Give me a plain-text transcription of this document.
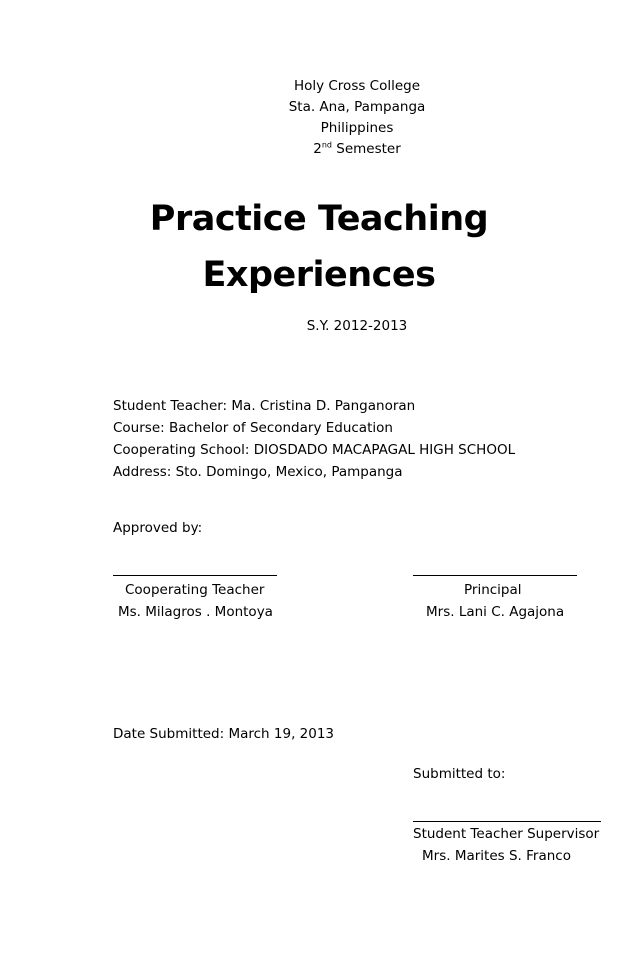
Holy Cross College
Sta. Ana, Pampanga
Philippines
2nd Semester
Practice Teaching
Experiences
S.Y. 2012-2013
Student Teacher: Ma. Cristina D. Panganoran
Course: Bachelor of Secondary Education
Cooperating School: DIOSDADO MACAPAGAL HIGH SCHOOL
Address: Sto. Domingo, Mexico, Pampanga
Approved by:
Cooperating Teacher
Ms. Milagros . Montoya
Principal
Mrs. Lani C. Agajona
Date Submitted: March 19, 2013
Submitted to:
Student Teacher Supervisor
Mrs. Marites S. Franco
